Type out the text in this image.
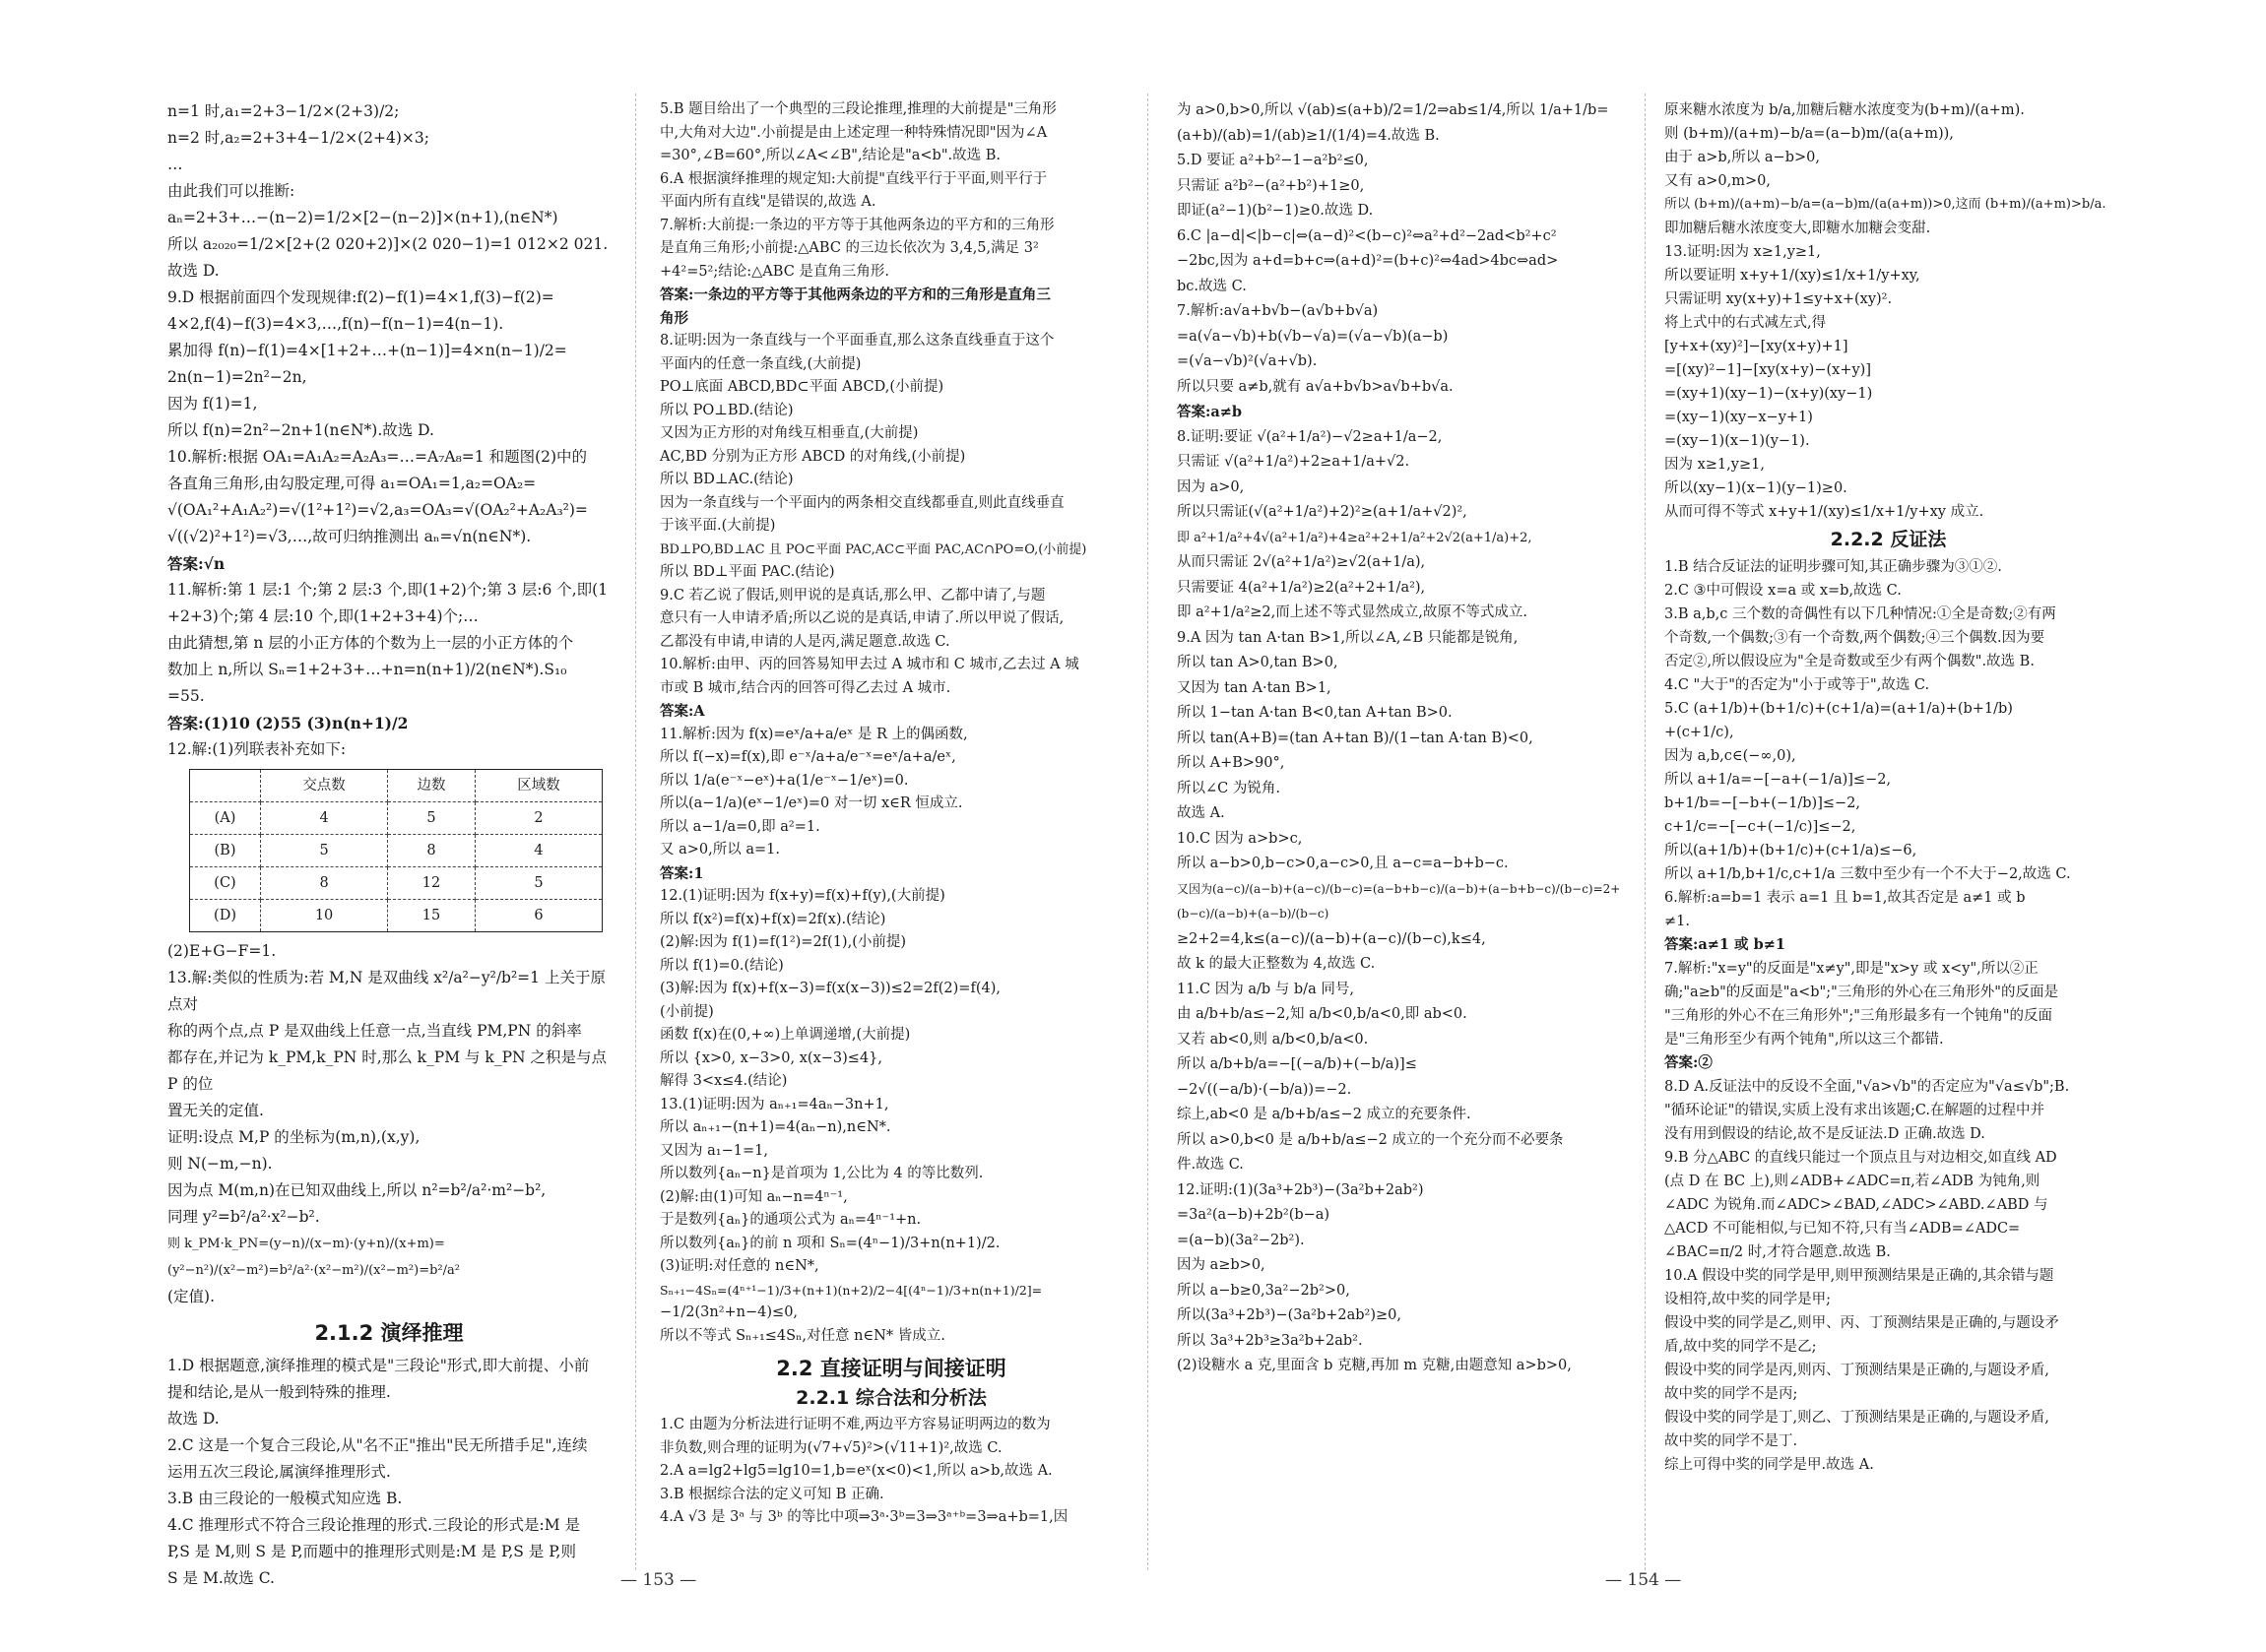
n=1 时,a₁=2+3−1/2×(2+3)/2;

n=2 时,a₂=2+3+4−1/2×(2+4)×3;

…

由此我们可以推断:

aₙ=2+3+…−(n−2)=1/2×[2−(n−2)]×(n+1),(n∈N*)

所以 a₂₀₂₀=1/2×[2+(2 020+2)]×(2 020−1)=1 012×2 021.

故选 D.

9.D 根据前面四个发现规律:f(2)−f(1)=4×1,f(3)−f(2)=

4×2,f(4)−f(3)=4×3,…,f(n)−f(n−1)=4(n−1).

累加得 f(n)−f(1)=4×[1+2+…+(n−1)]=4×n(n−1)/2=

2n(n−1)=2n²−2n,

因为 f(1)=1,

所以 f(n)=2n²−2n+1(n∈N*).故选 D.

10.解析:根据 OA₁=A₁A₂=A₂A₃=…=A₇A₈=1 和题图(2)中的

各直角三角形,由勾股定理,可得 a₁=OA₁=1,a₂=OA₂=

√(OA₁²+A₁A₂²)=√(1²+1²)=√2,a₃=OA₃=√(OA₂²+A₂A₃²)=

√((√2)²+1²)=√3,…,故可归纳推测出 aₙ=√n(n∈N*).

答案:√n

11.解析:第 1 层:1 个;第 2 层:3 个,即(1+2)个;第 3 层:6 个,即(1

+2+3)个;第 4 层:10 个,即(1+2+3+4)个;…

由此猜想,第 n 层的小正方体的个数为上一层的小正方体的个

数加上 n,所以 Sₙ=1+2+3+…+n=n(n+1)/2(n∈N*).S₁₀

=55.

答案:(1)10 (2)55 (3)n(n+1)/2

12.解:(1)列联表补充如下:

	交点数	边数	区域数
(A)	4	5	2
(B)	5	8	4
(C)	8	12	5
(D)	10	15	6

(2)E+G−F=1.

13.解:类似的性质为:若 M,N 是双曲线 x²/a²−y²/b²=1 上关于原点对

称的两个点,点 P 是双曲线上任意一点,当直线 PM,PN 的斜率

都存在,并记为 k_PM,k_PN 时,那么 k_PM 与 k_PN 之积是与点 P 的位

置无关的定值.

证明:设点 M,P 的坐标为(m,n),(x,y),

则 N(−m,−n).

因为点 M(m,n)在已知双曲线上,所以 n²=b²/a²·m²−b²,

同理 y²=b²/a²·x²−b².

则 k_PM·k_PN=(y−n)/(x−m)·(y+n)/(x+m)=(y²−n²)/(x²−m²)=b²/a²·(x²−m²)/(x²−m²)=b²/a²

(定值).

2.1.2 演绎推理

1.D 根据题意,演绎推理的模式是"三段论"形式,即大前提、小前

提和结论,是从一般到特殊的推理.

故选 D.

2.C 这是一个复合三段论,从"名不正"推出"民无所措手足",连续

运用五次三段论,属演绎推理形式.

3.B 由三段论的一般模式知应选 B.

4.C 推理形式不符合三段论推理的形式.三段论的形式是:M 是

P,S 是 M,则 S 是 P,而题中的推理形式则是:M 是 P,S 是 P,则

S 是 M.故选 C.

5.B 题目给出了一个典型的三段论推理,推理的大前提是"三角形

中,大角对大边".小前提是由上述定理一种特殊情况即"因为∠A

=30°,∠B=60°,所以∠A<∠B",结论是"a<b".故选 B.

6.A 根据演绎推理的规定知:大前提"直线平行于平面,则平行于

平面内所有直线"是错误的,故选 A.

7.解析:大前提:一条边的平方等于其他两条边的平方和的三角形

是直角三角形;小前提:△ABC 的三边长依次为 3,4,5,满足 3²

+4²=5²;结论:△ABC 是直角三角形.

答案:一条边的平方等于其他两条边的平方和的三角形是直角三

角形

8.证明:因为一条直线与一个平面垂直,那么这条直线垂直于这个

平面内的任意一条直线,(大前提)

PO⊥底面 ABCD,BD⊂平面 ABCD,(小前提)

所以 PO⊥BD.(结论)

又因为正方形的对角线互相垂直,(大前提)

AC,BD 分别为正方形 ABCD 的对角线,(小前提)

所以 BD⊥AC.(结论)

因为一条直线与一个平面内的两条相交直线都垂直,则此直线垂直

于该平面.(大前提)

BD⊥PO,BD⊥AC 且 PO⊂平面 PAC,AC⊂平面 PAC,AC∩PO=O,(小前提)

所以 BD⊥平面 PAC.(结论)

9.C 若乙说了假话,则甲说的是真话,那么甲、乙都中请了,与题

意只有一人申请矛盾;所以乙说的是真话,申请了.所以甲说了假话,

乙都没有申请,申请的人是丙,满足题意.故选 C.

10.解析:由甲、丙的回答易知甲去过 A 城市和 C 城市,乙去过 A 城

市或 B 城市,结合丙的回答可得乙去过 A 城市.

答案:A

11.解析:因为 f(x)=eˣ/a+a/eˣ 是 R 上的偶函数,

所以 f(−x)=f(x),即 e⁻ˣ/a+a/e⁻ˣ=eˣ/a+a/eˣ,

所以 1/a(e⁻ˣ−eˣ)+a(1/e⁻ˣ−1/eˣ)=0.

所以(a−1/a)(eˣ−1/eˣ)=0 对一切 x∈R 恒成立.

所以 a−1/a=0,即 a²=1.

又 a>0,所以 a=1.

答案:1

12.(1)证明:因为 f(x+y)=f(x)+f(y),(大前提)

所以 f(x²)=f(x)+f(x)=2f(x).(结论)

(2)解:因为 f(1)=f(1²)=2f(1),(小前提)

所以 f(1)=0.(结论)

(3)解:因为 f(x)+f(x−3)=f(x(x−3))≤2=2f(2)=f(4),

(小前提)

函数 f(x)在(0,+∞)上单调递增,(大前提)

所以 {x>0, x−3>0, x(x−3)≤4},

解得 3<x≤4.(结论)

13.(1)证明:因为 aₙ₊₁=4aₙ−3n+1,

所以 aₙ₊₁−(n+1)=4(aₙ−n),n∈N*.

又因为 a₁−1=1,

所以数列{aₙ−n}是首项为 1,公比为 4 的等比数列.

(2)解:由(1)可知 aₙ−n=4ⁿ⁻¹,

于是数列{aₙ}的通项公式为 aₙ=4ⁿ⁻¹+n.

所以数列{aₙ}的前 n 项和 Sₙ=(4ⁿ−1)/3+n(n+1)/2.

(3)证明:对任意的 n∈N*,

Sₙ₊₁−4Sₙ=(4ⁿ⁺¹−1)/3+(n+1)(n+2)/2−4[(4ⁿ−1)/3+n(n+1)/2]=

−1/2(3n²+n−4)≤0,

所以不等式 Sₙ₊₁≤4Sₙ,对任意 n∈N* 皆成立.

2.2 直接证明与间接证明
2.2.1 综合法和分析法

1.C 由题为分析法进行证明不难,两边平方容易证明两边的数为

非负数,则合理的证明为(√7+√5)²>(√11+1)²,故选 C.

2.A a=lg2+lg5=lg10=1,b=eˣ(x<0)<1,所以 a>b,故选 A.

3.B 根据综合法的定义可知 B 正确.

4.A √3 是 3ᵃ 与 3ᵇ 的等比中项⇒3ᵃ·3ᵇ=3⇒3ᵃ⁺ᵇ=3⇒a+b=1,因

为 a>0,b>0,所以 √(ab)≤(a+b)/2=1/2⇒ab≤1/4,所以 1/a+1/b=

(a+b)/(ab)=1/(ab)≥1/(1/4)=4.故选 B.

5.D 要证 a²+b²−1−a²b²≤0,

只需证 a²b²−(a²+b²)+1≥0,

即证(a²−1)(b²−1)≥0.故选 D.

6.C |a−d|<|b−c|⇔(a−d)²<(b−c)²⇔a²+d²−2ad<b²+c²

−2bc,因为 a+d=b+c⇒(a+d)²=(b+c)²⇔4ad>4bc⇔ad>

bc.故选 C.

7.解析:a√a+b√b−(a√b+b√a)

=a(√a−√b)+b(√b−√a)=(√a−√b)(a−b)

=(√a−√b)²(√a+√b).

所以只要 a≠b,就有 a√a+b√b>a√b+b√a.

答案:a≠b

8.证明:要证 √(a²+1/a²)−√2≥a+1/a−2,

只需证 √(a²+1/a²)+2≥a+1/a+√2.

因为 a>0,

所以只需证(√(a²+1/a²)+2)²≥(a+1/a+√2)²,

即 a²+1/a²+4√(a²+1/a²)+4≥a²+2+1/a²+2√2(a+1/a)+2,

从而只需证 2√(a²+1/a²)≥√2(a+1/a),

只需要证 4(a²+1/a²)≥2(a²+2+1/a²),

即 a²+1/a²≥2,而上述不等式显然成立,故原不等式成立.

9.A 因为 tan A·tan B>1,所以∠A,∠B 只能都是锐角,

所以 tan A>0,tan B>0,

又因为 tan A·tan B>1,

所以 1−tan A·tan B<0,tan A+tan B>0.

所以 tan(A+B)=(tan A+tan B)/(1−tan A·tan B)<0,

所以 A+B>90°,

所以∠C 为锐角.

故选 A.

10.C 因为 a>b>c,

所以 a−b>0,b−c>0,a−c>0,且 a−c=a−b+b−c.

又因为(a−c)/(a−b)+(a−c)/(b−c)=(a−b+b−c)/(a−b)+(a−b+b−c)/(b−c)=2+(b−c)/(a−b)+(a−b)/(b−c)

≥2+2=4,k≤(a−c)/(a−b)+(a−c)/(b−c),k≤4,

故 k 的最大正整数为 4,故选 C.

11.C 因为 a/b 与 b/a 同号,

由 a/b+b/a≤−2,知 a/b<0,b/a<0,即 ab<0.

又若 ab<0,则 a/b<0,b/a<0.

所以 a/b+b/a=−[(−a/b)+(−b/a)]≤

−2√((−a/b)·(−b/a))=−2.

综上,ab<0 是 a/b+b/a≤−2 成立的充要条件.

所以 a>0,b<0 是 a/b+b/a≤−2 成立的一个充分而不必要条

件.故选 C.

12.证明:(1)(3a³+2b³)−(3a²b+2ab²)

=3a²(a−b)+2b²(b−a)

=(a−b)(3a²−2b²).

因为 a≥b>0,

所以 a−b≥0,3a²−2b²>0,

所以(3a³+2b³)−(3a²b+2ab²)≥0,

所以 3a³+2b³≥3a²b+2ab².

(2)设糖水 a 克,里面含 b 克糖,再加 m 克糖,由题意知 a>b>0,

原来糖水浓度为 b/a,加糖后糖水浓度变为(b+m)/(a+m).

则 (b+m)/(a+m)−b/a=(a−b)m/(a(a+m)),

由于 a>b,所以 a−b>0,

又有 a>0,m>0,

所以 (b+m)/(a+m)−b/a=(a−b)m/(a(a+m))>0,这而 (b+m)/(a+m)>b/a.

即加糖后糖水浓度变大,即糖水加糖会变甜.

13.证明:因为 x≥1,y≥1,

所以要证明 x+y+1/(xy)≤1/x+1/y+xy,

只需证明 xy(x+y)+1≤y+x+(xy)².

将上式中的右式减左式,得

[y+x+(xy)²]−[xy(x+y)+1]

=[(xy)²−1]−[xy(x+y)−(x+y)]

=(xy+1)(xy−1)−(x+y)(xy−1)

=(xy−1)(xy−x−y+1)

=(xy−1)(x−1)(y−1).

因为 x≥1,y≥1,

所以(xy−1)(x−1)(y−1)≥0.

从而可得不等式 x+y+1/(xy)≤1/x+1/y+xy 成立.

2.2.2 反证法

1.B 结合反证法的证明步骤可知,其正确步骤为③①②.

2.C ③中可假设 x=a 或 x=b,故选 C.

3.B a,b,c 三个数的奇偶性有以下几种情况:①全是奇数;②有两

个奇数,一个偶数;③有一个奇数,两个偶数;④三个偶数.因为要

否定②,所以假设应为"全是奇数或至少有两个偶数".故选 B.

4.C "大于"的否定为"小于或等于",故选 C.

5.C (a+1/b)+(b+1/c)+(c+1/a)=(a+1/a)+(b+1/b)

+(c+1/c),

因为 a,b,c∈(−∞,0),

所以 a+1/a=−[−a+(−1/a)]≤−2,

b+1/b=−[−b+(−1/b)]≤−2,

c+1/c=−[−c+(−1/c)]≤−2,

所以(a+1/b)+(b+1/c)+(c+1/a)≤−6,

所以 a+1/b,b+1/c,c+1/a 三数中至少有一个不大于−2,故选 C.

6.解析:a=b=1 表示 a=1 且 b=1,故其否定是 a≠1 或 b

≠1.

答案:a≠1 或 b≠1

7.解析:"x=y"的反面是"x≠y",即是"x>y 或 x<y",所以②正

确;"a≥b"的反面是"a<b";"三角形的外心在三角形外"的反面是

"三角形的外心不在三角形外";"三角形最多有一个钝角"的反面

是"三角形至少有两个钝角",所以这三个都错.

答案:②

8.D A.反证法中的反设不全面,"√a>√b"的否定应为"√a≤√b";B.

"循环论证"的错误,实质上没有求出该题;C.在解题的过程中并

没有用到假设的结论,故不是反证法.D 正确.故选 D.

9.B 分△ABC 的直线只能过一个顶点且与对边相交,如直线 AD

(点 D 在 BC 上),则∠ADB+∠ADC=π,若∠ADB 为钝角,则

∠ADC 为锐角.而∠ADC>∠BAD,∠ADC>∠ABD.∠ABD 与

△ACD 不可能相似,与已知不符,只有当∠ADB=∠ADC=

∠BAC=π/2 时,才符合题意.故选 B.

10.A 假设中奖的同学是甲,则甲预测结果是正确的,其余错与题

设相符,故中奖的同学是甲;

假设中奖的同学是乙,则甲、丙、丁预测结果是正确的,与题设矛

盾,故中奖的同学不是乙;

假设中奖的同学是丙,则丙、丁预测结果是正确的,与题设矛盾,

故中奖的同学不是丙;

假设中奖的同学是丁,则乙、丁预测结果是正确的,与题设矛盾,

故中奖的同学不是丁.

综上可得中奖的同学是甲.故选 A.

— 153 —	— 154 —
